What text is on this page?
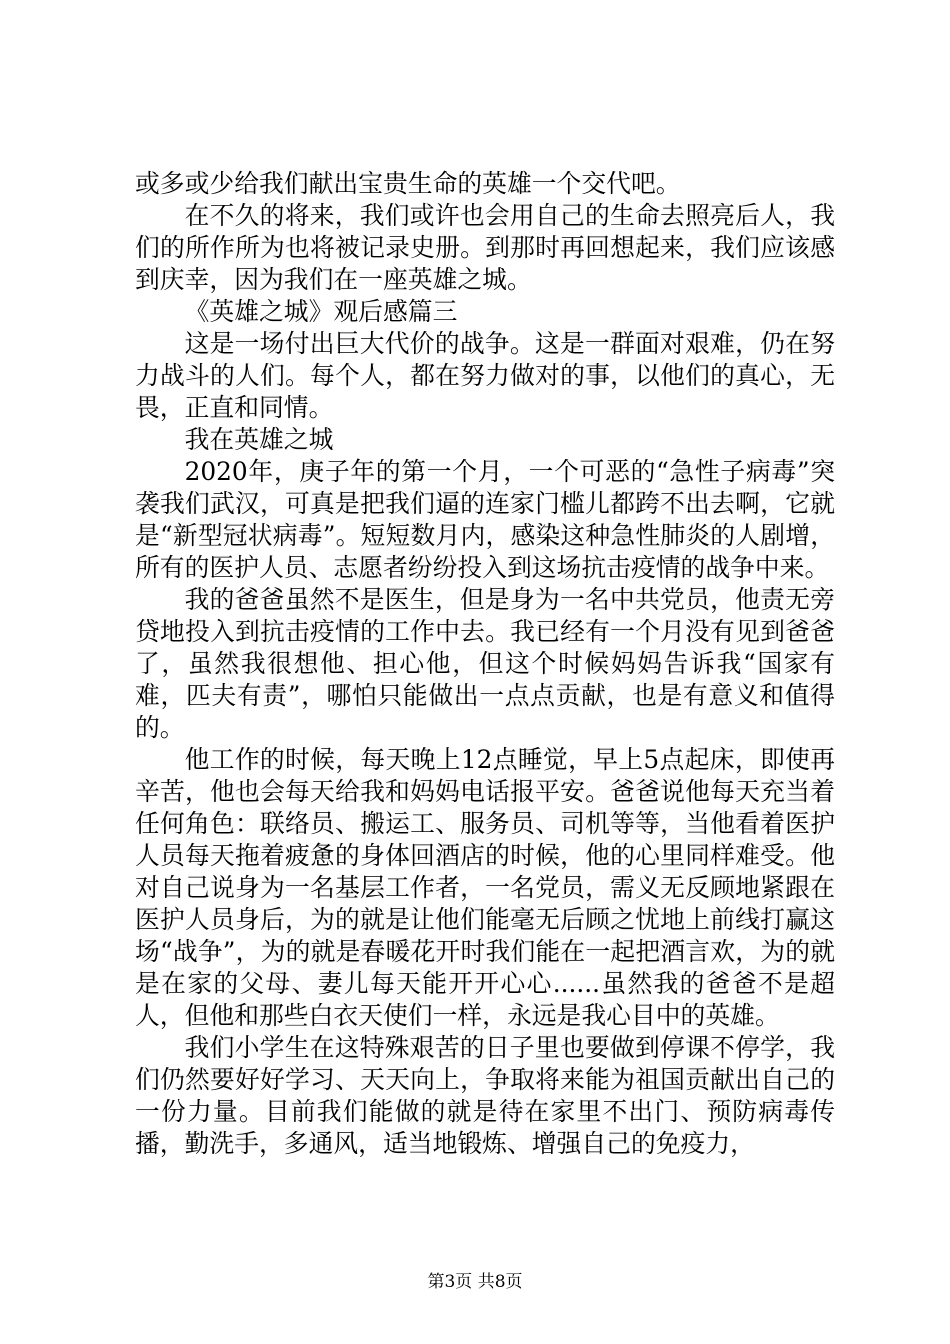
或多或少给我们献出宝贵生命的英雄一个交代吧。

在不久的将来，我们或许也会用自己的生命去照亮后人，我们的所作所为也将被记录史册。到那时再回想起来，我们应该感到庆幸，因为我们在一座英雄之城。

《英雄之城》观后感篇三

这是一场付出巨大代价的战争。这是一群面对艰难，仍在努力战斗的人们。每个人，都在努力做对的事，以他们的真心，无畏，正直和同情。

我在英雄之城

2020年，庚子年的第一个月，一个可恶的“急性子病毒”突袭我们武汉，可真是把我们逼的连家门槛儿都跨不出去啊，它就是“新型冠状病毒”。短短数月内，感染这种急性肺炎的人剧增，所有的医护人员、志愿者纷纷投入到这场抗击疫情的战争中来。

我的爸爸虽然不是医生，但是身为一名中共党员，他责无旁贷地投入到抗击疫情的工作中去。我已经有一个月没有见到爸爸了，虽然我很想他、担心他，但这个时候妈妈告诉我“国家有难，匹夫有责”，哪怕只能做出一点点贡献，也是有意义和值得的。

他工作的时候，每天晚上12点睡觉，早上5点起床，即使再辛苦，他也会每天给我和妈妈电话报平安。爸爸说他每天充当着任何角色：联络员、搬运工、服务员、司机等等，当他看着医护人员每天拖着疲惫的身体回酒店的时候，他的心里同样难受。他对自己说身为一名基层工作者，一名党员，需义无反顾地紧跟在医护人员身后，为的就是让他们能毫无后顾之忧地上前线打赢这场“战争”，为的就是春暖花开时我们能在一起把酒言欢，为的就是在家的父母、妻儿每天能开开心心......虽然我的爸爸不是超人，但他和那些白衣天使们一样，永远是我心目中的英雄。

我们小学生在这特殊艰苦的日子里也要做到停课不停学，我们仍然要好好学习、天天向上，争取将来能为祖国贡献出自己的一份力量。目前我们能做的就是待在家里不出门、预防病毒传播，勤洗手，多通风，适当地锻炼、增强自己的免疫力，

第3页 共8页
